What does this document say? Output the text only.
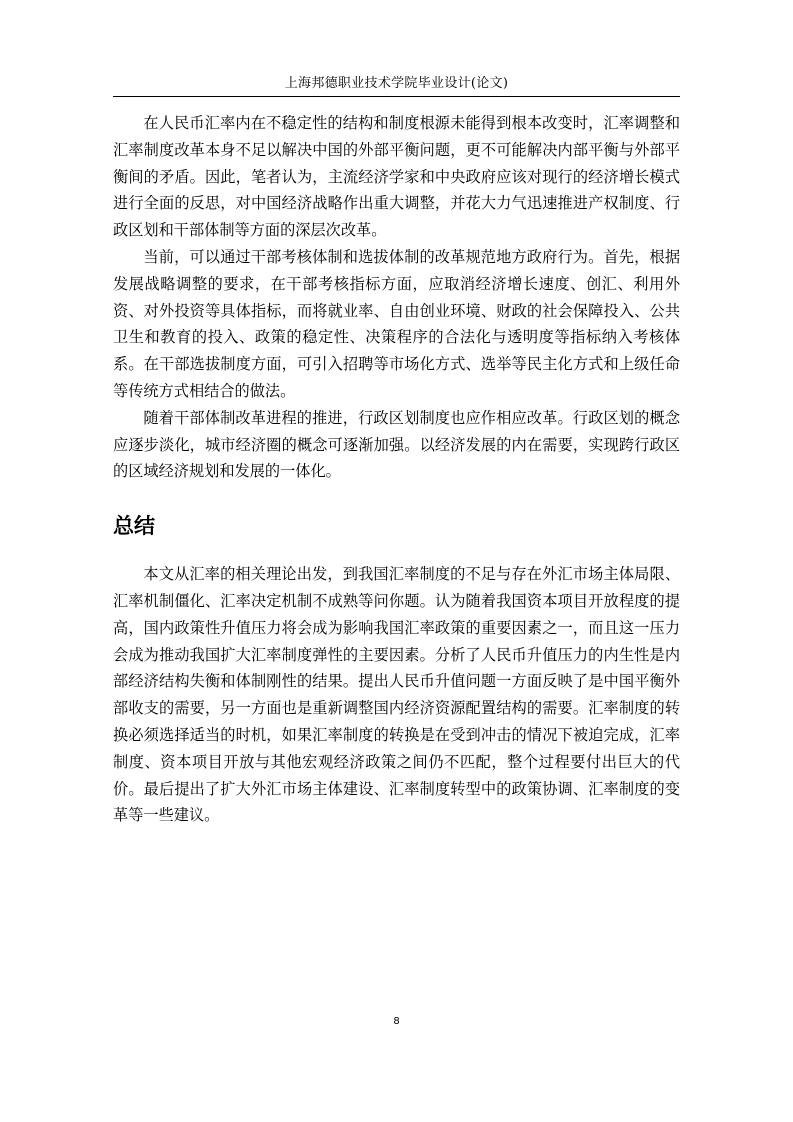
上海邦德职业技术学院毕业设计(论文)

在人民币汇率内在不稳定性的结构和制度根源未能得到根本改变时，汇率调整和汇率制度改革本身不足以解决中国的外部平衡问题，更不可能解决内部平衡与外部平衡间的矛盾。因此，笔者认为，主流经济学家和中央政府应该对现行的经济增长模式进行全面的反思，对中国经济战略作出重大调整，并花大力气迅速推进产权制度、行政区划和干部体制等方面的深层次改革。

当前，可以通过干部考核体制和选拔体制的改革规范地方政府行为。首先，根据发展战略调整的要求，在干部考核指标方面，应取消经济增长速度、创汇、利用外资、对外投资等具体指标，而将就业率、自由创业环境、财政的社会保障投入、公共卫生和教育的投入、政策的稳定性、决策程序的合法化与透明度等指标纳入考核体系。在干部选拔制度方面，可引入招聘等市场化方式、选举等民主化方式和上级任命等传统方式相结合的做法。

随着干部体制改革进程的推进，行政区划制度也应作相应改革。行政区划的概念应逐步淡化，城市经济圈的概念可逐渐加强。以经济发展的内在需要，实现跨行政区的区域经济规划和发展的一体化。

总结

本文从汇率的相关理论出发，到我国汇率制度的不足与存在外汇市场主体局限、汇率机制僵化、汇率决定机制不成熟等问你题。认为随着我国资本项目开放程度的提高，国内政策性升值压力将会成为影响我国汇率政策的重要因素之一，而且这一压力会成为推动我国扩大汇率制度弹性的主要因素。分析了人民币升值压力的内生性是内部经济结构失衡和体制刚性的结果。提出人民币升值问题一方面反映了是中国平衡外部收支的需要，另一方面也是重新调整国内经济资源配置结构的需要。汇率制度的转换必须选择适当的时机，如果汇率制度的转换是在受到冲击的情况下被迫完成，汇率制度、资本项目开放与其他宏观经济政策之间仍不匹配，整个过程要付出巨大的代价。最后提出了扩大外汇市场主体建设、汇率制度转型中的政策协调、汇率制度的变革等一些建议。

8
